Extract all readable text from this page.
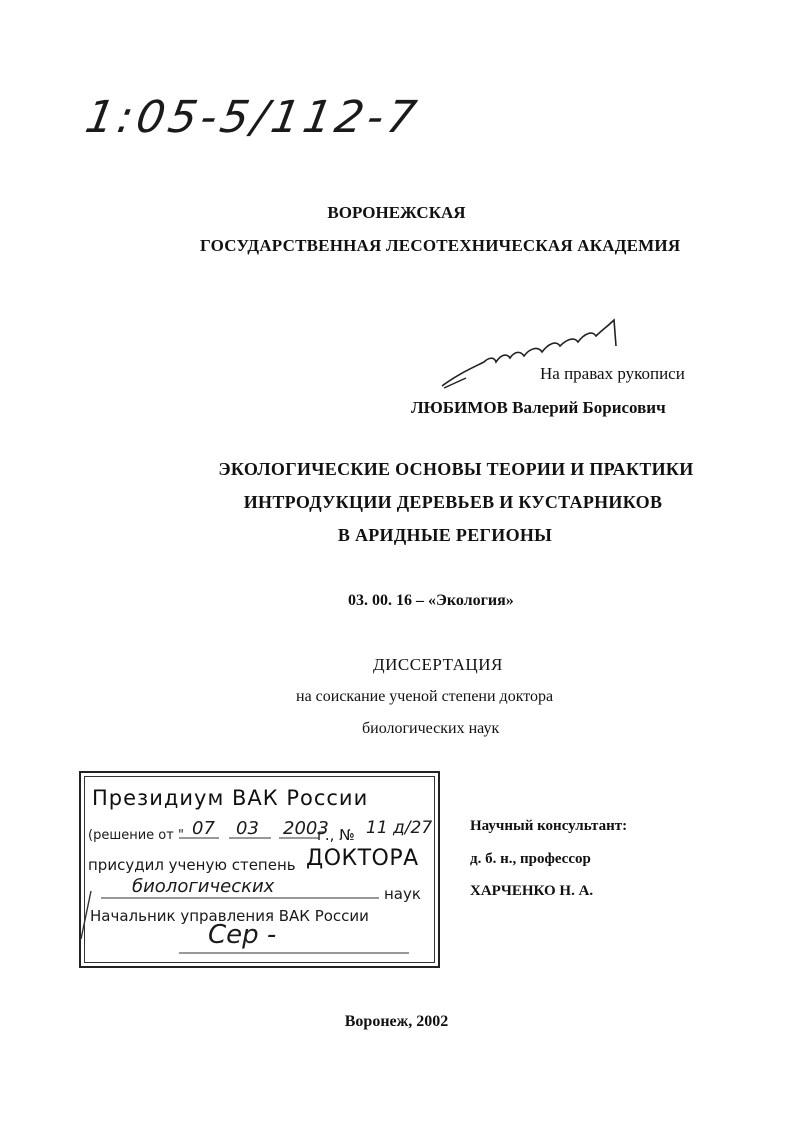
1:05-5/112-7
ВОРОНЕЖСКАЯ
ГОСУДАРСТВЕННАЯ ЛЕСОТЕХНИЧЕСКАЯ АКАДЕМИЯ
На правах рукописи
ЛЮБИМОВ Валерий Борисович
ЭКОЛОГИЧЕСКИЕ ОСНОВЫ ТЕОРИИ И ПРАКТИКИ
ИНТРОДУКЦИИ ДЕРЕВЬЕВ И КУСТАРНИКОВ
В АРИДНЫЕ РЕГИОНЫ
03. 00. 16 – «Экология»
ДИССЕРТАЦИЯ
на соискание ученой степени доктора
биологических наук
Президиум ВАК России
(решение от " 07 03 2003
г., № 11 д/27
присудил ученую степень ДОКТОРА
биологических	наук
Начальник управления ВАК России
Сер -
Научный консультант:
д. б. н., профессор
ХАРЧЕНКО Н. А.
Воронеж, 2002
